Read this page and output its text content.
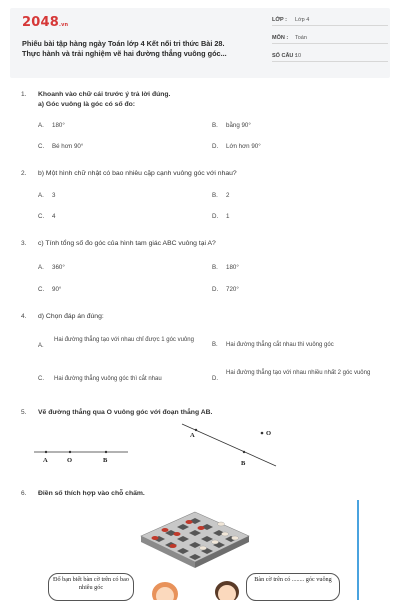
2048.vn
Phiếu bài tập hàng ngày Toán lớp 4 Kết nối tri thức Bài 28.
Thực hành và trải nghiệm vẽ hai đường thẳng vuông góc...
LỚP : Lớp 4
MÔN : Toán
SỐ CÂU :
10
1. Khoanh vào chữ cái trước ý trả lời đúng.
a) Góc vuông là góc có số đo:
A. 180°	B. bằng 90°
C. Bé hơn 90°	D. Lớn hơn 90°
2. b) Một hình chữ nhật có bao nhiêu cặp cạnh vuông góc với nhau?
A. 3	B. 2
C. 4	D. 1
3. c) Tính tổng số đo góc của hình tam giác ABC vuông tại A?
A. 360°	B. 180°
C. 90°	D. 720°
4. d) Chọn đáp án đúng:
A.
Hai đường thẳng tạo với nhau chỉ được 1 góc vuông
B. Hai đường thẳng cắt nhau thì vuông góc
C. Hai đường thẳng vuông góc thì cắt nhau	D.
Hai đường thẳng tạo với nhau nhiều nhất 2 góc vuông
5. Vẽ đường thẳng qua O vuông góc với đoạn thẳng AB.
A	O	B
A	O
B
6. Điền số thích hợp vào chỗ chấm.
Đố bạn biết bàn cờ trên có bao nhiêu góc
Bàn cờ trên có ........ góc vuông
